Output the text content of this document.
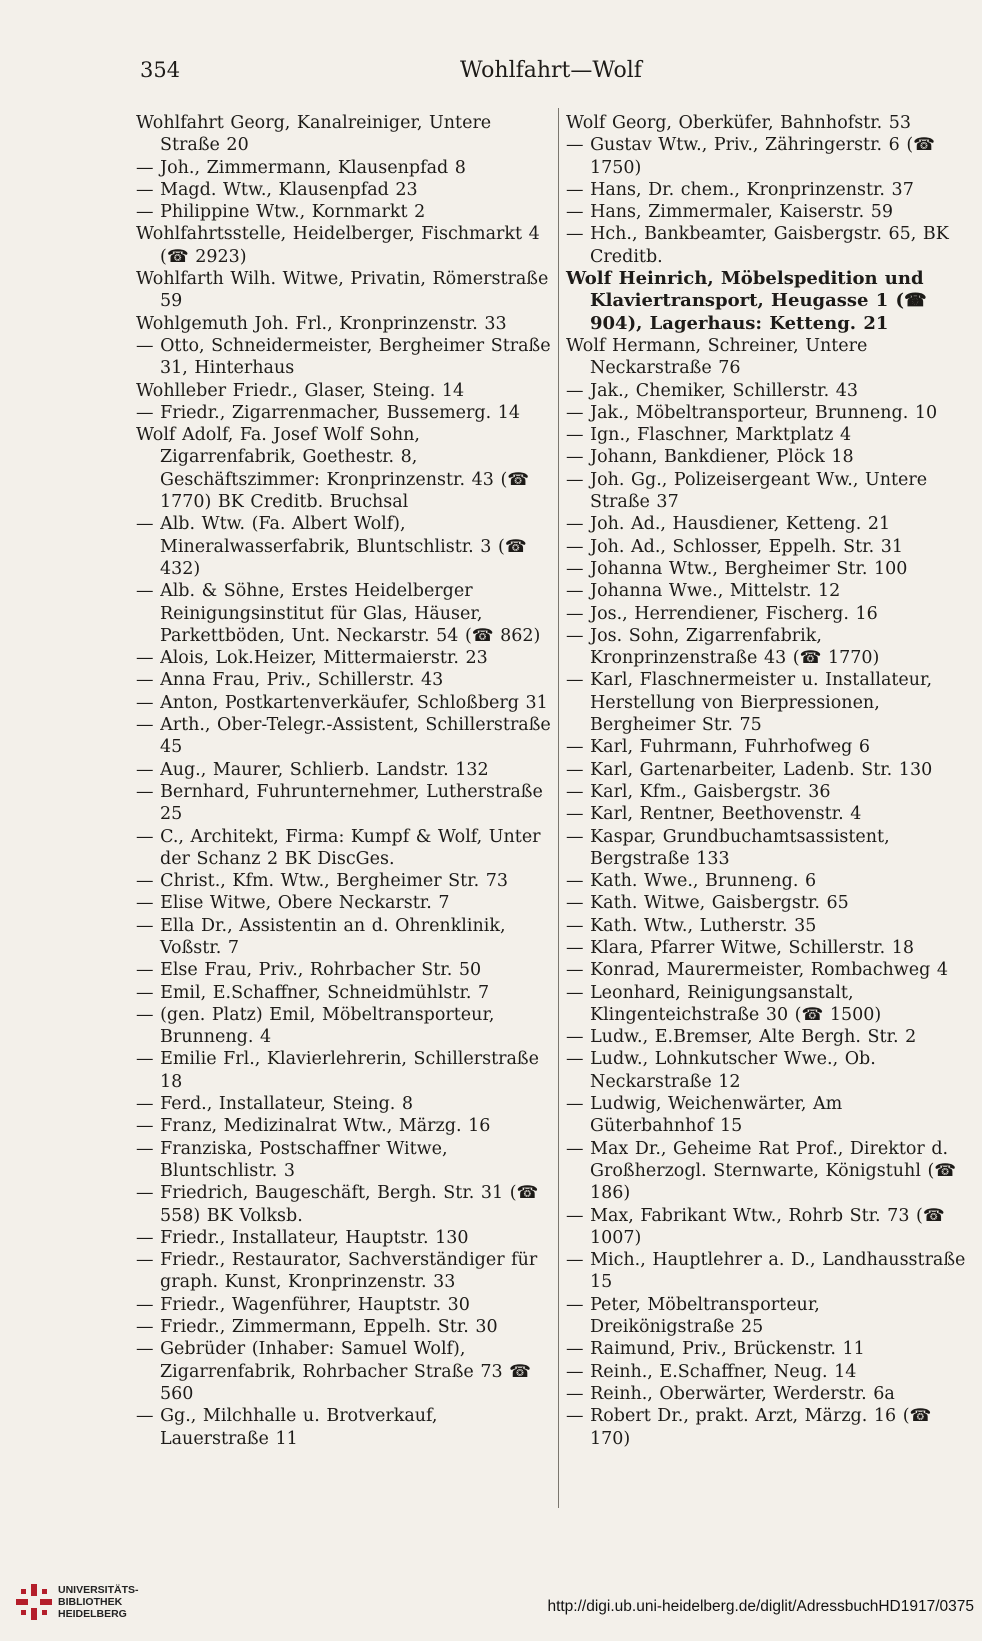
354	Wohlfahrt—Wolf
Wohlfahrt Georg, Kanalreiniger, Untere Straße 20
— Joh., Zimmermann, Klausenpfad 8
— Magd. Wtw., Klausenpfad 23
— Philippine Wtw., Kornmarkt 2
Wohlfahrtsstelle, Heidelberger, Fischmarkt 4 (☎ 2923)
Wohlfarth Wilh. Witwe, Privatin, Römerstraße 59
Wohlgemuth Joh. Frl., Kronprinzenstr. 33
— Otto, Schneidermeister, Bergheimer Straße 31, Hinterhaus
Wohlleber Friedr., Glaser, Steing. 14
— Friedr., Zigarrenmacher, Bussemerg. 14
Wolf Adolf, Fa. Josef Wolf Sohn, Zigarrenfabrik, Goethestr. 8, Geschäftszimmer: Kronprinzenstr. 43 (☎ 1770) BK Creditb. Bruchsal
— Alb. Wtw. (Fa. Albert Wolf), Mineralwasserfabrik, Bluntschlistr. 3 (☎ 432)
— Alb. & Söhne, Erstes Heidelberger Reinigungsinstitut für Glas, Häuser, Parkettböden, Unt. Neckarstr. 54 (☎ 862)
— Alois, Lok.Heizer, Mittermaierstr. 23
— Anna Frau, Priv., Schillerstr. 43
— Anton, Postkartenverkäufer, Schloßberg 31
— Arth., Ober-Telegr.-Assistent, Schillerstraße 45
— Aug., Maurer, Schlierb. Landstr. 132
— Bernhard, Fuhrunternehmer, Lutherstraße 25
— C., Architekt, Firma: Kumpf & Wolf, Unter der Schanz 2 BK DiscGes.
— Christ., Kfm. Wtw., Bergheimer Str. 73
— Elise Witwe, Obere Neckarstr. 7
— Ella Dr., Assistentin an d. Ohrenklinik, Voßstr. 7
— Else Frau, Priv., Rohrbacher Str. 50
— Emil, E.Schaffner, Schneidmühlstr. 7
— (gen. Platz) Emil, Möbeltransporteur, Brunneng. 4
— Emilie Frl., Klavierlehrerin, Schillerstraße 18
— Ferd., Installateur, Steing. 8
— Franz, Medizinalrat Wtw., Märzg. 16
— Franziska, Postschaffner Witwe, Bluntschlistr. 3
— Friedrich, Baugeschäft, Bergh. Str. 31 (☎ 558) BK Volksb.
— Friedr., Installateur, Hauptstr. 130
— Friedr., Restaurator, Sachverständiger für graph. Kunst, Kronprinzenstr. 33
— Friedr., Wagenführer, Hauptstr. 30
— Friedr., Zimmermann, Eppelh. Str. 30
— Gebrüder (Inhaber: Samuel Wolf), Zigarrenfabrik, Rohrbacher Straße 73 ☎ 560
— Gg., Milchhalle u. Brotverkauf, Lauerstraße 11
Wolf Georg, Oberküfer, Bahnhofstr. 53
— Gustav Wtw., Priv., Zähringerstr. 6 (☎ 1750)
— Hans, Dr. chem., Kronprinzenstr. 37
— Hans, Zimmermaler, Kaiserstr. 59
— Hch., Bankbeamter, Gaisbergstr. 65, BK Creditb.
Wolf Heinrich, Möbelspedition und Klaviertransport, Heugasse 1 (☎ 904), Lagerhaus: Ketteng. 21
Wolf Hermann, Schreiner, Untere Neckarstraße 76
— Jak., Chemiker, Schillerstr. 43
— Jak., Möbeltransporteur, Brunneng. 10
— Ign., Flaschner, Marktplatz 4
— Johann, Bankdiener, Plöck 18
— Joh. Gg., Polizeisergeant Ww., Untere Straße 37
— Joh. Ad., Hausdiener, Ketteng. 21
— Joh. Ad., Schlosser, Eppelh. Str. 31
— Johanna Wtw., Bergheimer Str. 100
— Johanna Wwe., Mittelstr. 12
— Jos., Herrendiener, Fischerg. 16
— Jos. Sohn, Zigarrenfabrik, Kronprinzenstraße 43 (☎ 1770)
— Karl, Flaschnermeister u. Installateur, Herstellung von Bierpressionen, Bergheimer Str. 75
— Karl, Fuhrmann, Fuhrhofweg 6
— Karl, Gartenarbeiter, Ladenb. Str. 130
— Karl, Kfm., Gaisbergstr. 36
— Karl, Rentner, Beethovenstr. 4
— Kaspar, Grundbuchamtsassistent, Bergstraße 133
— Kath. Wwe., Brunneng. 6
— Kath. Witwe, Gaisbergstr. 65
— Kath. Wtw., Lutherstr. 35
— Klara, Pfarrer Witwe, Schillerstr. 18
— Konrad, Maurermeister, Rombachweg 4
— Leonhard, Reinigungsanstalt, Klingenteichstraße 30 (☎ 1500)
— Ludw., E.Bremser, Alte Bergh. Str. 2
— Ludw., Lohnkutscher Wwe., Ob. Neckarstraße 12
— Ludwig, Weichenwärter, Am Güterbahnhof 15
— Max Dr., Geheime Rat Prof., Direktor d. Großherzogl. Sternwarte, Königstuhl (☎ 186)
— Max, Fabrikant Wtw., Rohrb Str. 73 (☎ 1007)
— Mich., Hauptlehrer a. D., Landhausstraße 15
— Peter, Möbeltransporteur, Dreikönigstraße 25
— Raimund, Priv., Brückenstr. 11
— Reinh., E.Schaffner, Neug. 14
— Reinh., Oberwärter, Werderstr. 6a
— Robert Dr., prakt. Arzt, Märzg. 16 (☎ 170)
UNIVERSITÄTS-
BIBLIOTHEK
HEIDELBERG	http://digi.ub.uni-heidelberg.de/diglit/AdressbuchHD1917/0375
